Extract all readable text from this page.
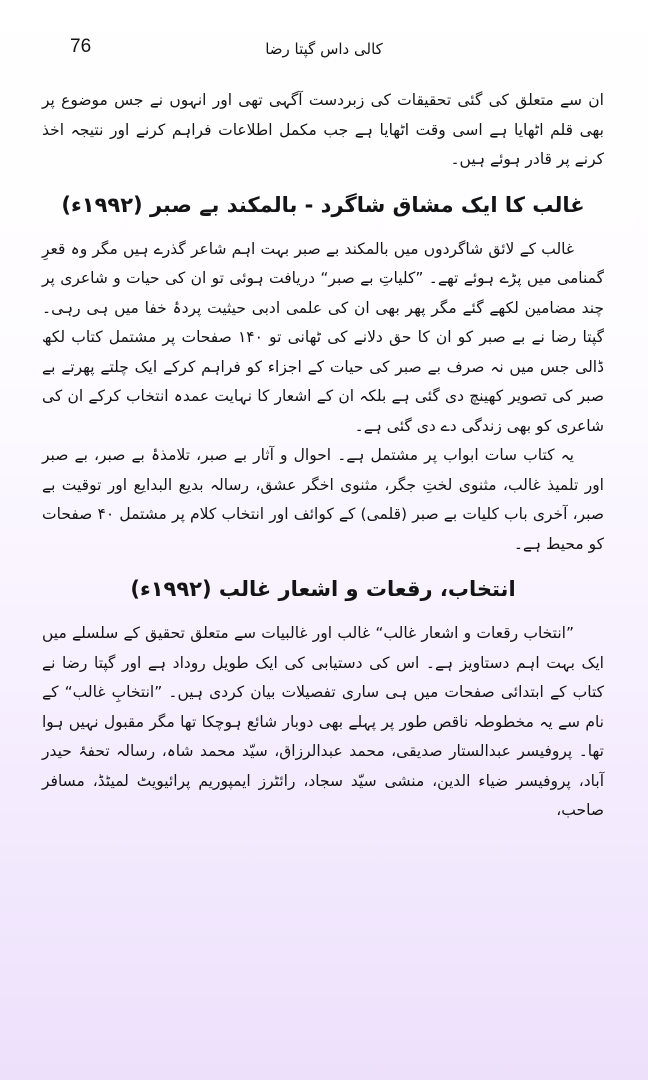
76	کالی داس گپتا رضا

ان سے متعلق کی گئی تحقیقات کی زبردست آگہی تھی اور انہوں نے جس موضوع پر بھی قلم اٹھایا ہے اسی وقت اٹھایا ہے جب مکمل اطلاعات فراہم کرنے اور نتیجہ اخذ کرنے پر قادر ہوئے ہیں۔

غالب کا ایک مشاق شاگرد - بالمکند بے صبر (۱۹۹۲ء)

غالب کے لائق شاگردوں میں بالمکند بے صبر بہت اہم شاعر گذرے ہیں مگر وہ قعرِ گمنامی میں پڑے ہوئے تھے۔ ”کلیاتِ بے صبر“ دریافت ہوئی تو ان کی حیات و شاعری پر چند مضامین لکھے گئے مگر پھر بھی ان کی علمی ادبی حیثیت پردۂ خفا میں ہی رہی۔ گپتا رضا نے بے صبر کو ان کا حق دلانے کی ٹھانی تو ۱۴۰ صفحات پر مشتمل کتاب لکھ ڈالی جس میں نہ صرف بے صبر کی حیات کے اجزاء کو فراہم کرکے ایک چلتے پھرتے بے صبر کی تصویر کھینچ دی گئی ہے بلکہ ان کے اشعار کا نہایت عمدہ انتخاب کرکے ان کی شاعری کو بھی زندگی دے دی گئی ہے۔

یہ کتاب سات ابواب پر مشتمل ہے۔ احوال و آثار بے صبر، تلامذۂ بے صبر، بے صبر اور تلمیذ غالب، مثنوی لختِ جگر، مثنوی اخگر عشق، رسالہ بدیع البدایع اور توقیت بے صبر، آخری باب کلیات بے صبر (قلمی) کے کوائف اور انتخاب کلام پر مشتمل ۴۰ صفحات کو محیط ہے۔

انتخاب، رقعات و اشعار غالب (۱۹۹۲ء)

”انتخاب رقعات و اشعار غالب“ غالب اور غالبیات سے متعلق تحقیق کے سلسلے میں ایک بہت اہم دستاویز ہے۔ اس کی دستیابی کی ایک طویل روداد ہے اور گپتا رضا نے کتاب کے ابتدائی صفحات میں ہی ساری تفصیلات بیان کردی ہیں۔ ”انتخابِ غالب“ کے نام سے یہ مخطوطہ ناقص طور پر پہلے بھی دوبار شائع ہوچکا تھا مگر مقبول نہیں ہوا تھا۔ پروفیسر عبدالستار صدیقی، محمد عبدالرزاق، سیّد محمد شاہ، رسالہ تحفۂ حیدر آباد، پروفیسر ضیاء الدین، منشی سیّد سجاد، رائٹرز ایمپوریم پرائیویٹ لمیٹڈ، مسافر صاحب،
